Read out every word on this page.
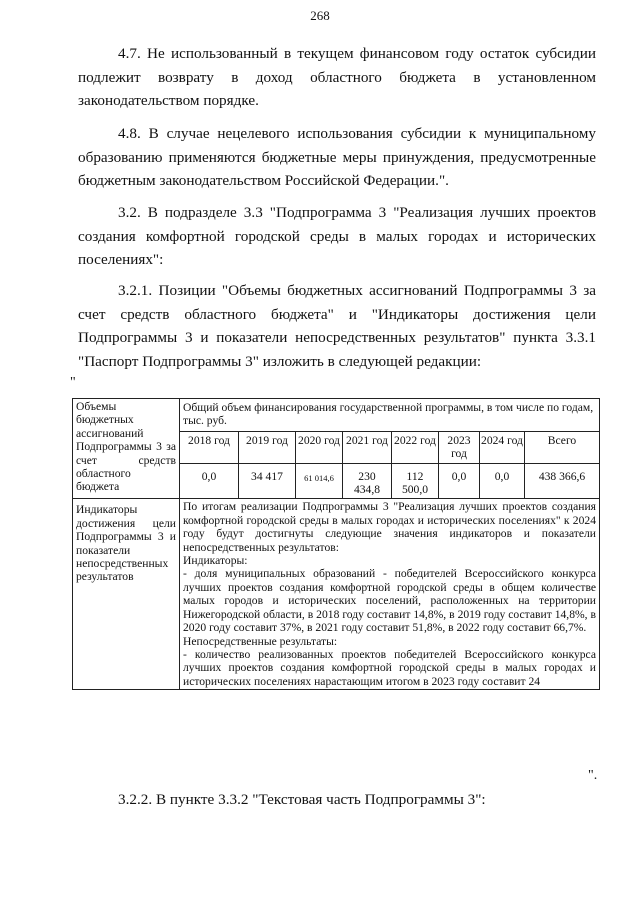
268

4.7. Не использованный в текущем финансовом году остаток субсидии подлежит возврату в доход областного бюджета в установленном законодательством порядке.

4.8. В случае нецелевого использования субсидии к муниципальному образованию применяются бюджетные меры принуждения, предусмотренные бюджетным законодательством Российской Федерации.".

3.2. В подразделе 3.3 "Подпрограмма 3 "Реализация лучших проектов создания комфортной городской среды в малых городах и исторических поселениях":

3.2.1. Позиции "Объемы бюджетных ассигнований Подпрограммы 3 за счет средств областного бюджета" и "Индикаторы достижения цели Подпрограммы 3 и показатели непосредственных результатов" пункта 3.3.1 "Паспорт Подпрограммы 3" изложить в следующей редакции:

"
Объемы бюджетных ассигнований Подпрограммы 3 за счет средств областного бюджета	
Общий объем финансирования государственной программы, в том числе по годам, тыс. руб.
2018 год	2019 год	2020 год	2021 год	2022 год	2023 год	2024 год	Всего
0,0	34 417	61 014,6	230 434,8	112 500,0	0,0	0,0	438 366,6

Индикаторы достижения цели Подпрограммы 3 и показатели непосредственных результатов	
По итогам реализации Подпрограммы 3 "Реализация лучших проектов создания комфортной городской среды в малых городах и исторических поселениях" к 2024 году будут достигнуты следующие значения индикаторов и показатели непосредственных результатов:
Индикаторы:
- доля муниципальных образований - победителей Всероссийского конкурса лучших проектов создания комфортной городской среды в общем количестве малых городов и исторических поселений, расположенных на территории Нижегородской области, в 2018 году составит 14,8%, в 2019 году составит 14,8%, в 2020 году составит 37%, в 2021 году составит 51,8%, в 2022 году составит 66,7%.
Непосредственные результаты:
- количество реализованных проектов победителей Всероссийского конкурса лучших проектов создания комфортной городской среды в малых городах и исторических поселениях нарастающим итогом в 2023 году составит 24
".

3.2.2. В пункте 3.3.2 "Текстовая часть Подпрограммы 3":
